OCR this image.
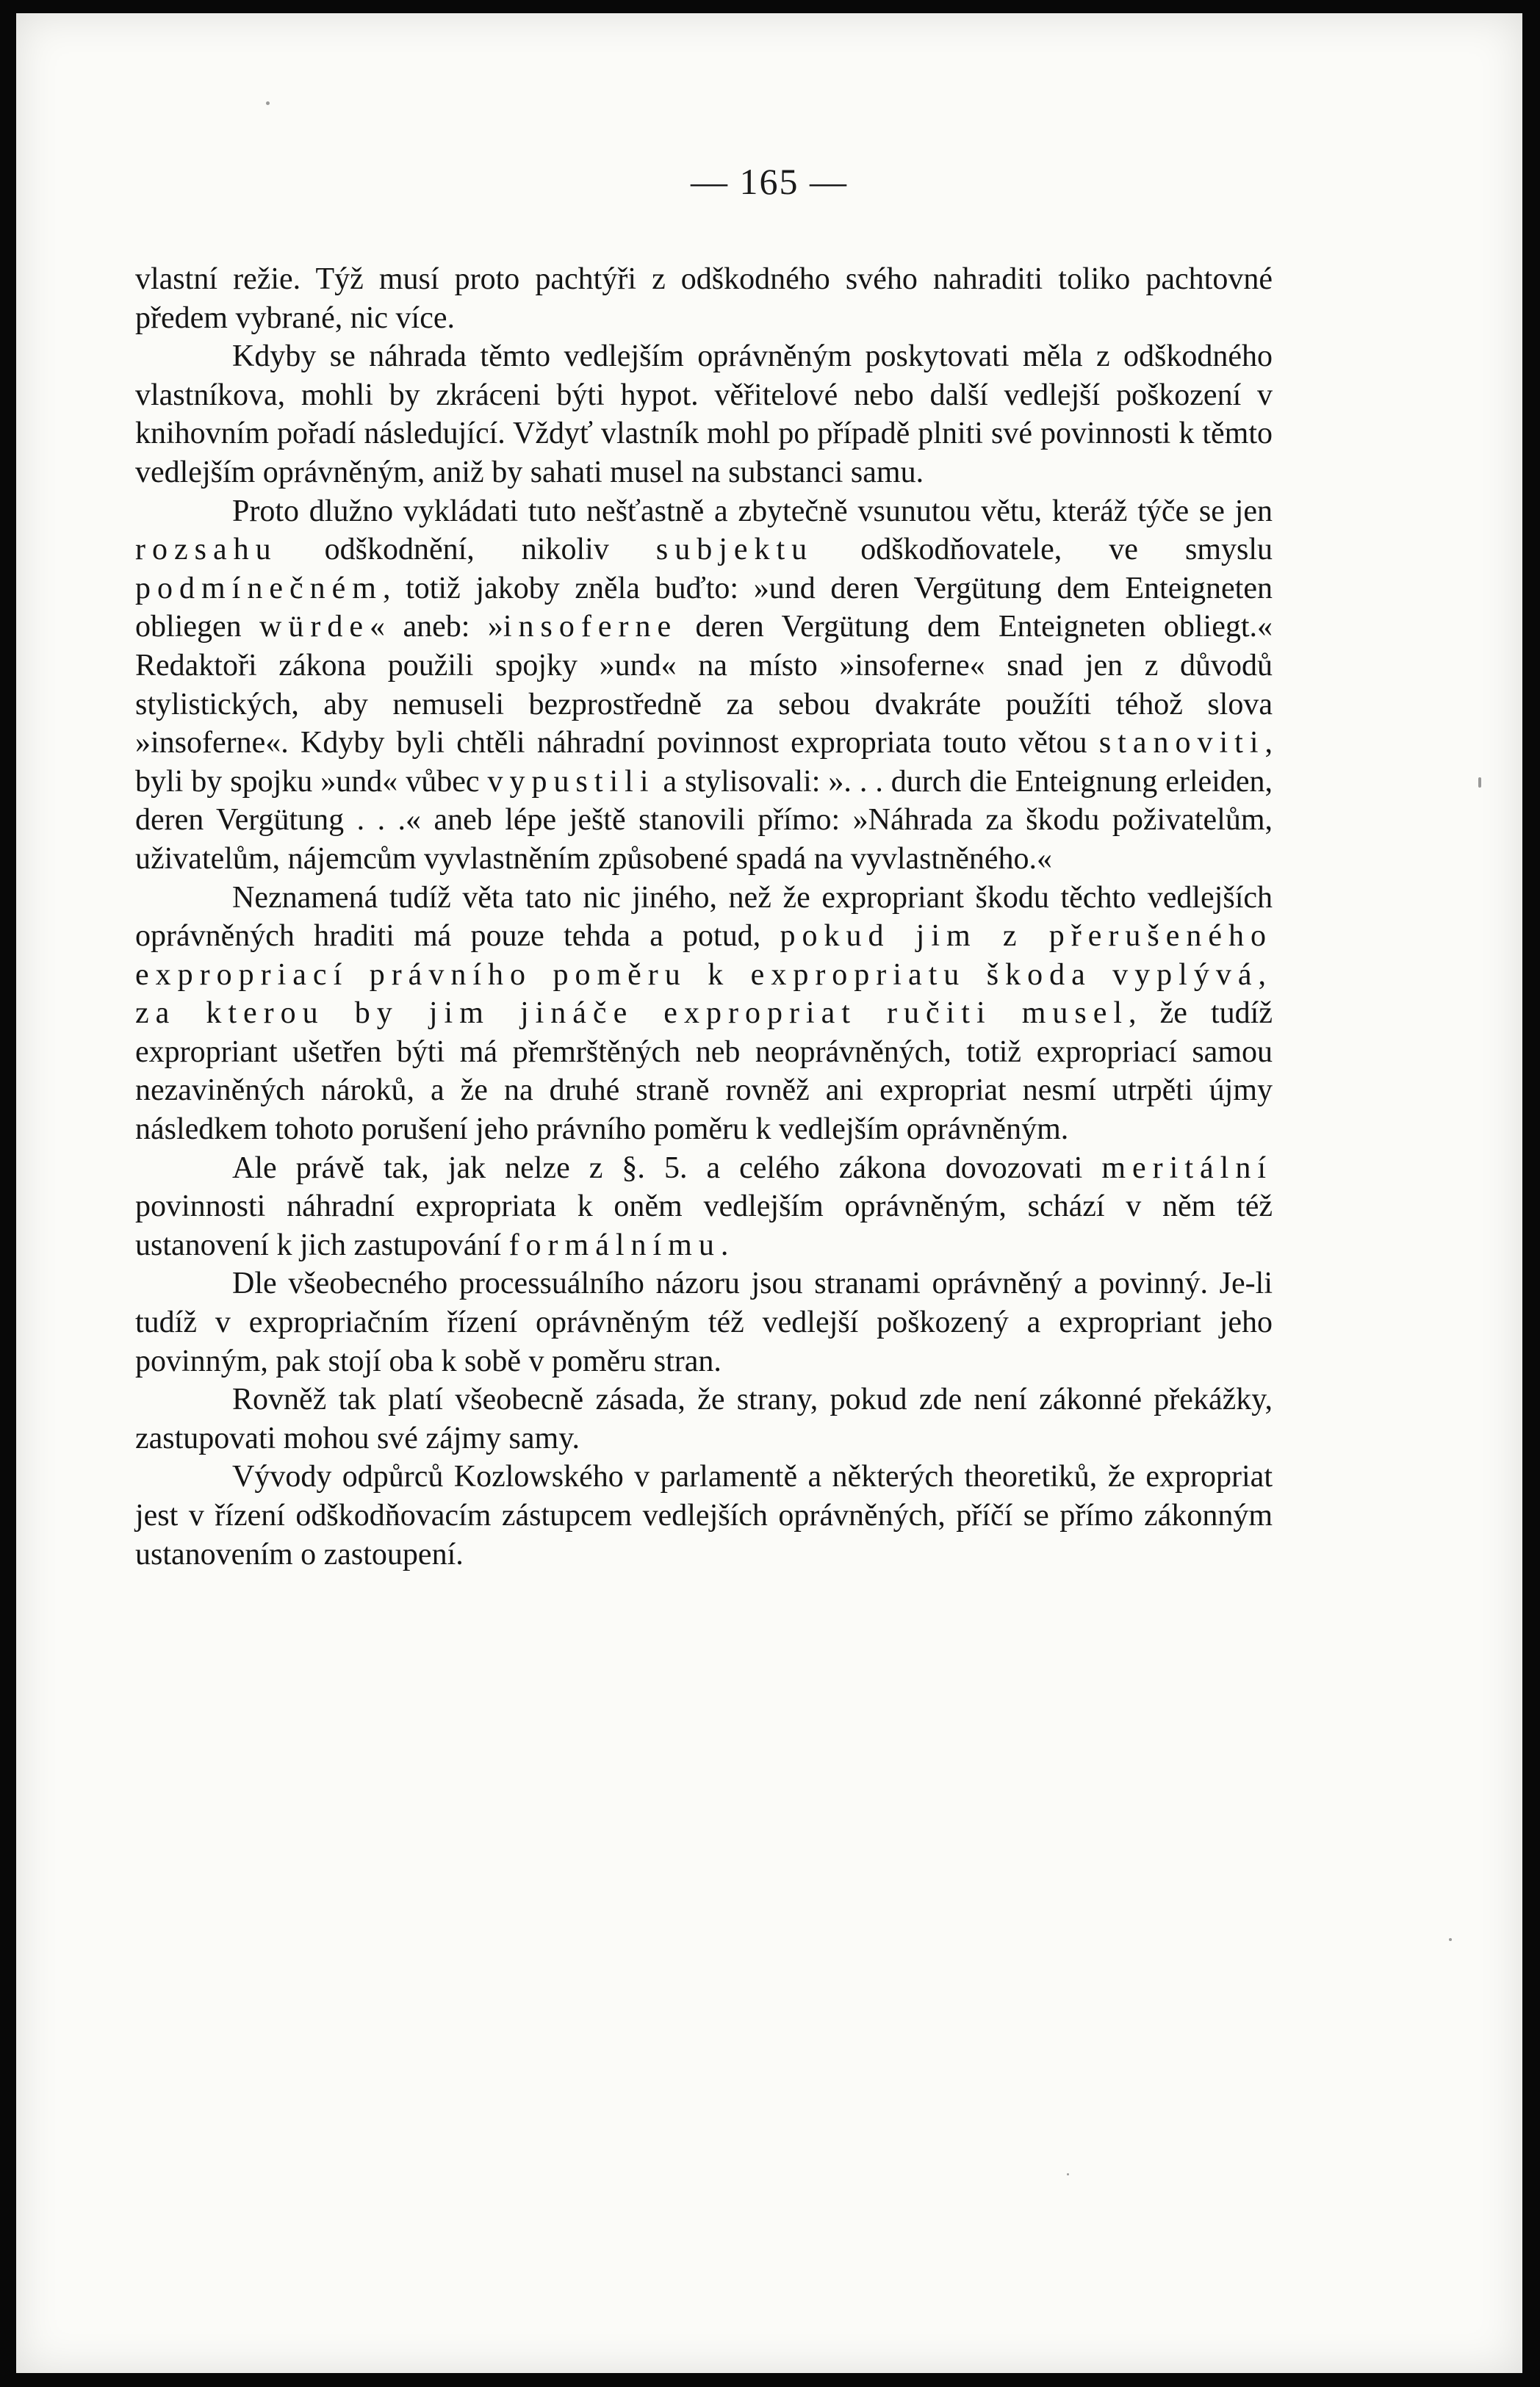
— 165 —

vlastní režie. Týž musí proto pachtýři z odškodného svého nahraditi toliko pachtovné předem vybrané, nic více.

Kdyby se náhrada těmto vedlejším oprávněným poskytovati měla z odškodného vlastníkova, mohli by zkráceni býti hypot. věřitelové nebo další vedlejší poškození v knihovním pořadí následující. Vždyť vlastník mohl po případě plniti své povinnosti k těmto vedlejším oprávněným, aniž by sahati musel na substanci samu.

Proto dlužno vykládati tuto nešťastně a zbytečně vsunutou větu, kteráž týče se jen rozsahu odškodnění, nikoliv subjektu odškodňovatele, ve smyslu podmínečném, totiž jakoby zněla buďto: »und deren Vergütung dem Enteigneten obliegen würde« aneb: »insoferne deren Vergütung dem Enteigneten obliegt.« Redaktoři zákona použili spojky »und« na místo »insoferne« snad jen z důvodů stylistických, aby nemuseli bezprostředně za sebou dvakráte použíti téhož slova »insoferne«. Kdyby byli chtěli náhradní povinnost expropriata touto větou stanoviti, byli by spojku »und« vůbec vypustili a stylisovali: ». . . durch die Enteignung erleiden, deren Vergütung . . .« aneb lépe ještě stanovili přímo: »Náhrada za škodu poživatelům, uživatelům, nájemcům vyvlastněním způsobené spadá na vyvlastněného.«

Neznamená tudíž věta tato nic jiného, než že expropriant škodu těchto vedlejších oprávněných hraditi má pouze tehda a potud, pokud jim z přerušeného expropriací právního poměru k expropriatu škoda vyplývá, za kterou by jim jináče expropriat ručiti musel, že tudíž expropriant ušetřen býti má přemrštěných neb neoprávněných, totiž expropriací samou nezaviněných nároků, a že na druhé straně rovněž ani expropriat nesmí utrpěti újmy následkem tohoto porušení jeho právního poměru k vedlejším oprávněným.

Ale právě tak, jak nelze z §. 5. a celého zákona dovozovati meritální povinnosti náhradní expropriata k oněm vedlejším oprávněným, schází v něm též ustanovení k jich zastupování formálnímu.

Dle všeobecného processuálního názoru jsou stranami oprávněný a povinný. Je-li tudíž v expropriačním řízení oprávněným též vedlejší poškozený a expropriant jeho povinným, pak stojí oba k sobě v poměru stran.

Rovněž tak platí všeobecně zásada, že strany, pokud zde není zákonné překážky, zastupovati mohou své zájmy samy.

Vývody odpůrců Kozlowského v parlamentě a některých theoretiků, že expropriat jest v řízení odškodňovacím zástupcem vedlejších oprávněných, příčí se přímo zákonným ustanovením o zastoupení.
